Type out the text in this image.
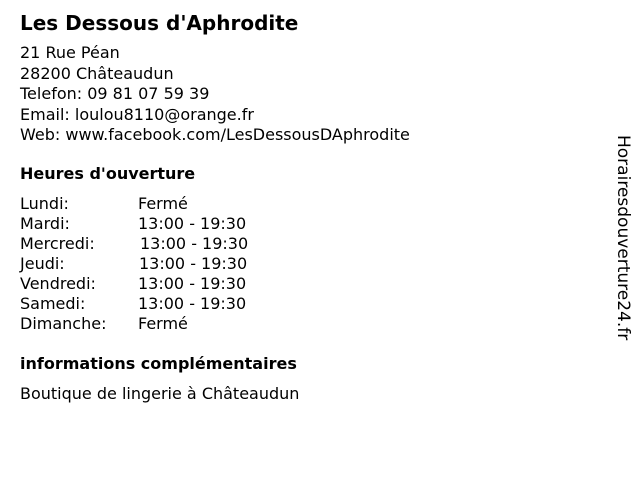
Les Dessous d'Aphrodite
21 Rue Péan
28200 Châteaudun
Telefon: 09 81 07 59 39
Email: loulou8110@orange.fr
Web: www.facebook.com/LesDessousDAphrodite
Heures d'ouverture
Lundi:	Fermé
Mardi:	13:00 - 19:30
Mercredi:	13:00 - 19:30
Jeudi:	13:00 - 19:30
Vendredi:	13:00 - 19:30
Samedi:	13:00 - 19:30
Dimanche: Fermé
informations complémentaires
Boutique de lingerie à Châteaudun
Horairesdouverture24.fr
